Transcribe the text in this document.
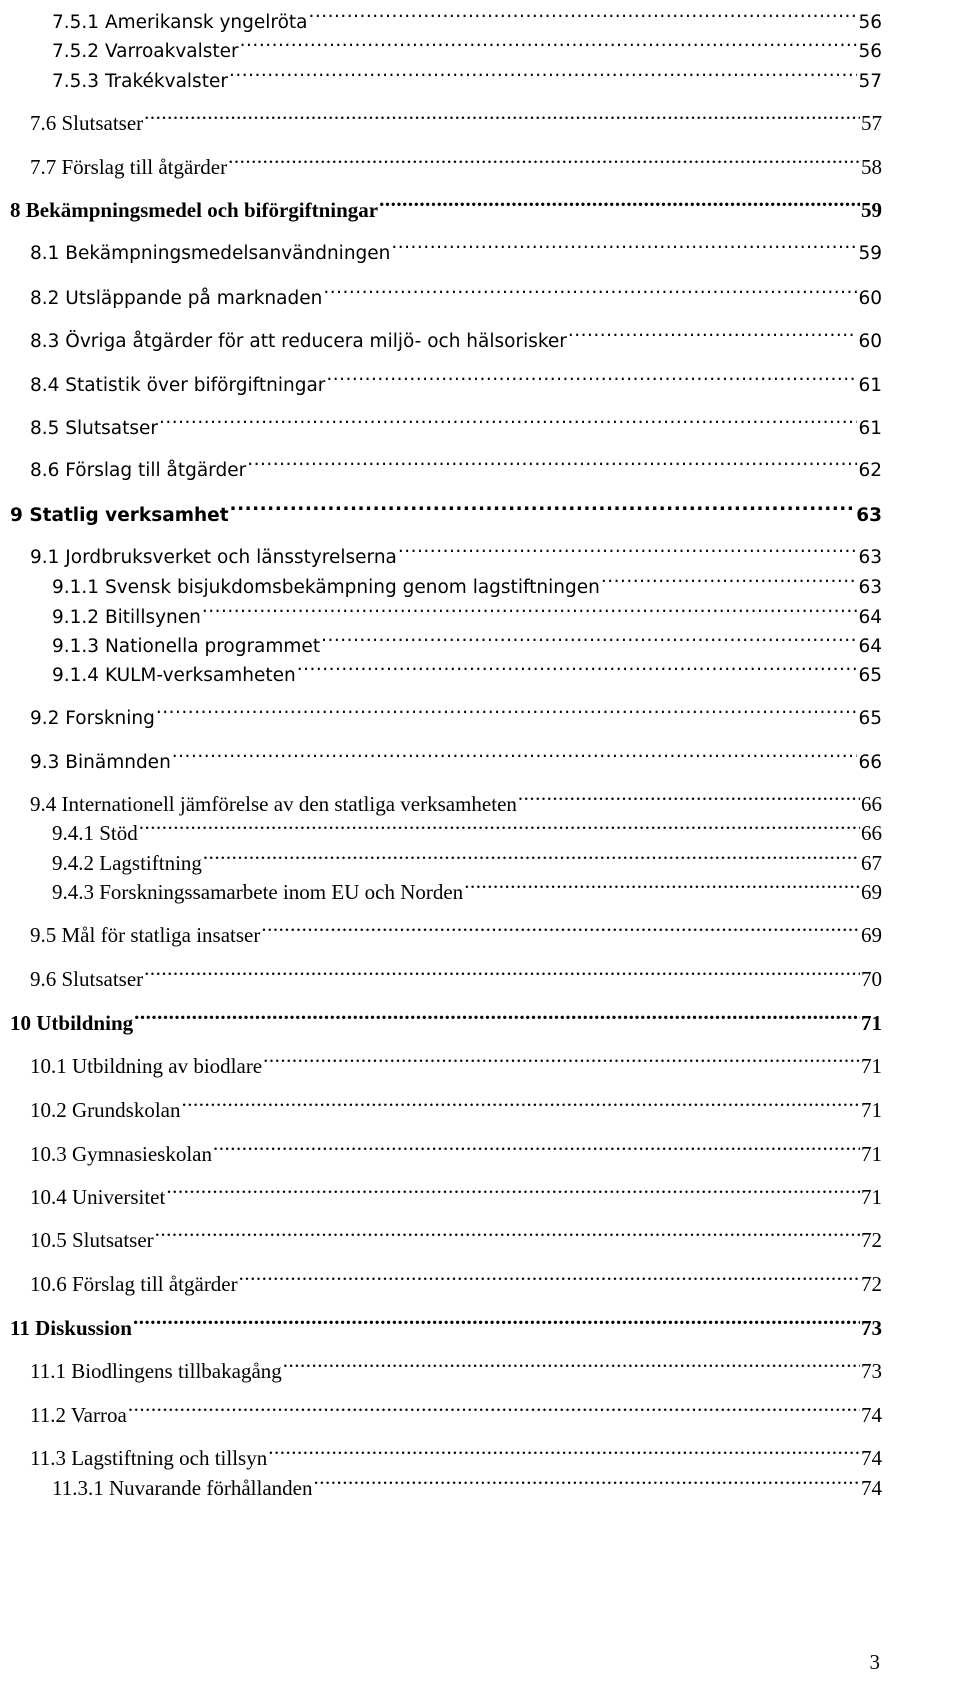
7.5.1 Amerikansk yngelröta .....	56
7.5.2 Varroakvalster .....	56
7.5.3 Trakékvalster .....	57
7.6 Slutsatser .....	57
7.7 Förslag till åtgärder .....	58
8 Bekämpningsmedel och biförgiftningar .....	59
8.1 Bekämpningsmedelsanvändningen .....	59
8.2 Utsläppande på marknaden .....	60
8.3 Övriga åtgärder för att reducera miljö- och hälsorisker .....	60
8.4 Statistik över biförgiftningar .....	61
8.5 Slutsatser .....	61
8.6 Förslag till åtgärder .....	62
9 Statlig verksamhet .....	63
9.1 Jordbruksverket och länsstyrelserna .....	63
9.1.1 Svensk bisjukdomsbekämpning genom lagstiftningen .....	63
9.1.2 Bitillsynen .....	64
9.1.3 Nationella programmet .....	64
9.1.4 KULM-verksamheten .....	65
9.2 Forskning .....	65
9.3 Binämnden .....	66
9.4 Internationell jämförelse av den statliga verksamheten .....	66
9.4.1 Stöd .....	66
9.4.2 Lagstiftning .....	67
9.4.3 Forskningssamarbete inom EU och Norden .....	69
9.5 Mål för statliga insatser .....	69
9.6 Slutsatser .....	70
10 Utbildning .....	71
10.1 Utbildning av biodlare .....	71
10.2 Grundskolan .....	71
10.3 Gymnasieskolan .....	71
10.4 Universitet .....	71
10.5 Slutsatser .....	72
10.6 Förslag till åtgärder .....	72
11 Diskussion .....	73
11.1 Biodlingens tillbakagång .....	73
11.2 Varroa .....	74
11.3 Lagstiftning och tillsyn .....	74
11.3.1 Nuvarande förhållanden .....	74
3
